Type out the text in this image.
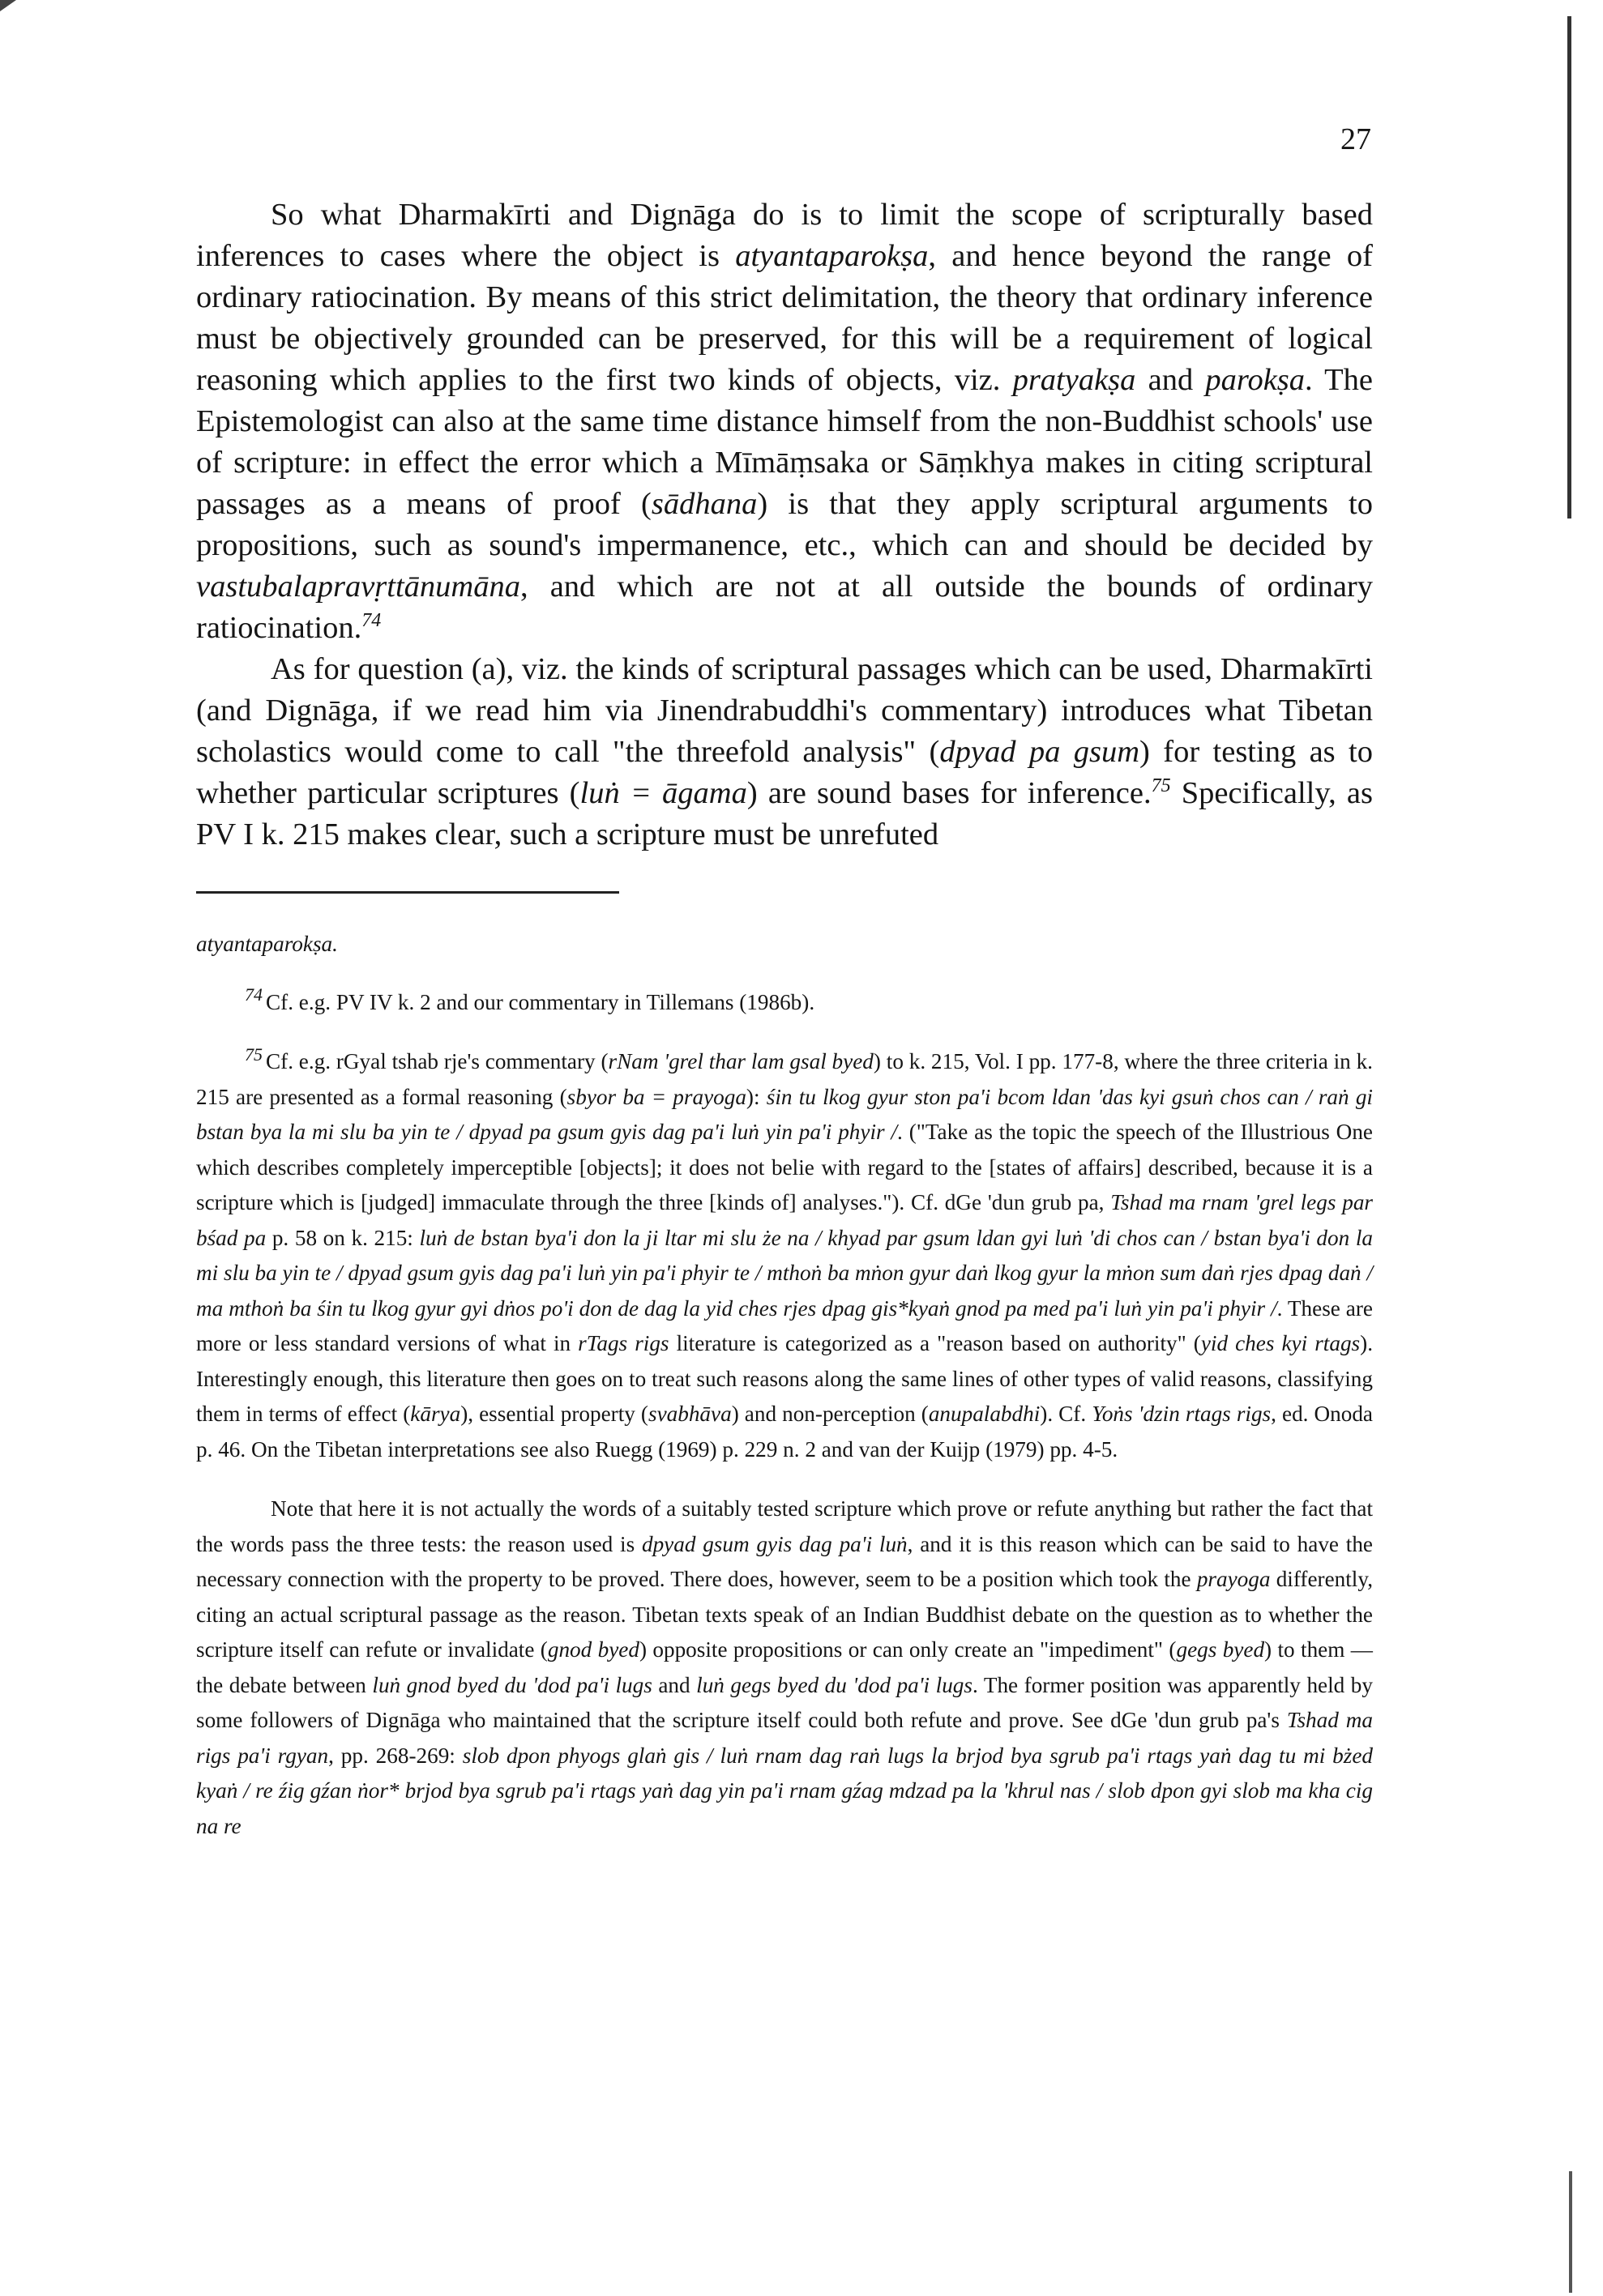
27

So what Dharmakīrti and Dignāga do is to limit the scope of scripturally based inferences to cases where the object is atyantaparokṣa, and hence beyond the range of ordinary ratiocination. By means of this strict delimitation, the theory that ordinary inference must be objectively grounded can be preserved, for this will be a requirement of logical reasoning which applies to the first two kinds of objects, viz. pratyakṣa and parokṣa. The Epistemologist can also at the same time distance himself from the non-Buddhist schools' use of scripture: in effect the error which a Mīmāṃsaka or Sāṃkhya makes in citing scriptural passages as a means of proof (sādhana) is that they apply scriptural arguments to propositions, such as sound's impermanence, etc., which can and should be decided by vastubalapravṛttānumāna, and which are not at all outside the bounds of ordinary ratiocination.$^{74}$

As for question (a), viz. the kinds of scriptural passages which can be used, Dharmakīrti (and Dignāga, if we read him via Jinendrabuddhi's commentary) introduces what Tibetan scholastics would come to call "the threefold analysis" (dpyad pa gsum) for testing as to whether particular scriptures (luṅ = āgama) are sound bases for inference.$^{75}$ Specifically, as PV I k. 215 makes clear, such a scripture must be unrefuted

atyantaparokṣa.

$^{74}$ Cf. e.g. PV IV k. 2 and our commentary in Tillemans (1986b).

$^{75}$ Cf. e.g. rGyal tshab rje's commentary (rNam 'grel thar lam gsal byed) to k. 215, Vol. I pp. 177-8, where the three criteria in k. 215 are presented as a formal reasoning (sbyor ba = prayoga): śin tu lkog gyur ston pa'i bcom ldan 'das kyi gsuṅ chos can / raṅ gi bstan bya la mi slu ba yin te / dpyad pa gsum gyis dag pa'i luṅ yin pa'i phyir /. ("Take as the topic the speech of the Illustrious One which describes completely imperceptible [objects]; it does not belie with regard to the [states of affairs] described, because it is a scripture which is [judged] immaculate through the three [kinds of] analyses."). Cf. dGe 'dun grub pa, Tshad ma rnam 'grel legs par bśad pa p. 58 on k. 215: luṅ de bstan bya'i don la ji ltar mi slu że na / khyad par gsum ldan gyi luṅ 'di chos can / bstan bya'i don la mi slu ba yin te / dpyad gsum gyis dag pa'i luṅ yin pa'i phyir te / mthoṅ ba mṅon gyur daṅ lkog gyur la mṅon sum daṅ rjes dpag daṅ / ma mthoṅ ba śin tu lkog gyur gyi dṅos po'i don de dag la yid ches rjes dpag gis*kyaṅ gnod pa med pa'i luṅ yin pa'i phyir /. These are more or less standard versions of what in rTags rigs literature is categorized as a "reason based on authority" (yid ches kyi rtags). Interestingly enough, this literature then goes on to treat such reasons along the same lines of other types of valid reasons, classifying them in terms of effect (kārya), essential property (svabhāva) and non-perception (anupalabdhi). Cf. Yoṅs 'dzin rtags rigs, ed. Onoda p. 46. On the Tibetan interpretations see also Ruegg (1969) p. 229 n. 2 and van der Kuijp (1979) pp. 4-5.

Note that here it is not actually the words of a suitably tested scripture which prove or refute anything but rather the fact that the words pass the three tests: the reason used is dpyad gsum gyis dag pa'i luṅ, and it is this reason which can be said to have the necessary connection with the property to be proved. There does, however, seem to be a position which took the prayoga differently, citing an actual scriptural passage as the reason. Tibetan texts speak of an Indian Buddhist debate on the question as to whether the scripture itself can refute or invalidate (gnod byed) opposite propositions or can only create an "impediment" (gegs byed) to them — the debate between luṅ gnod byed du 'dod pa'i lugs and luṅ gegs byed du 'dod pa'i lugs. The former position was apparently held by some followers of Dignāga who maintained that the scripture itself could both refute and prove. See dGe 'dun grub pa's Tshad ma rigs pa'i rgyan, pp. 268-269: slob dpon phyogs glaṅ gis / luṅ rnam dag raṅ lugs la brjod bya sgrub pa'i rtags yaṅ dag tu mi bżed kyaṅ / re źig gźan ṅor* brjod bya sgrub pa'i rtags yaṅ dag yin pa'i rnam gźag mdzad pa la 'khrul nas / slob dpon gyi slob ma kha cig na re
